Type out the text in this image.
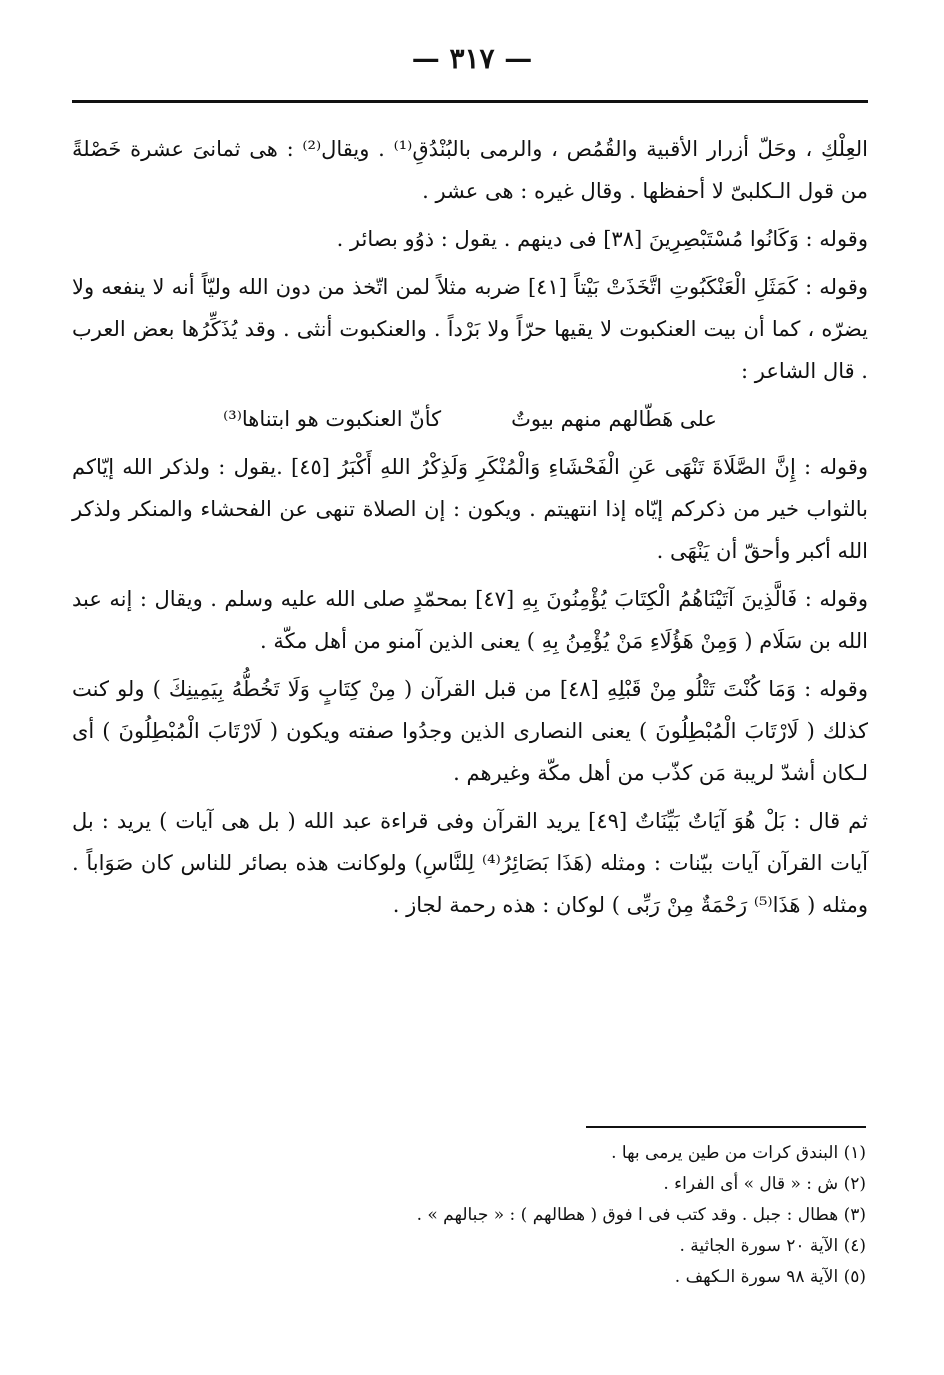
— ٣١٧ —

العِلْكِ ، وحَلّ أزرار الأقبية والقُمُص ، والرمى بالبُنْدُقِ⁽¹⁾ . ويقال⁽²⁾ : هى ثمانىَ عشرة خَصْلةً من قول الـكلبىّ لا أحفظها . وقال غيره : هى عشر .

وقوله : وَكَانُوا مُسْتَبْصِرِينَ [٣٨] فى دينهم . يقول : ذوُو بصائر .

وقوله : كَمَثَلِ الْعَنْكَبُوتِ اتَّخَذَتْ بَيْتاً [٤١] ضربه مثلاً لمن اتّخذ من دون الله وليّاً أنه لا ينفعه ولا يضرّه ، كما أن بيت العنكبوت لا يقيها حرّاً ولا بَرْداً . والعنكبوت أنثى . وقد يُذَكِّرُها بعض العرب . قال الشاعر :

على هَطّالهم منهم بيوتٌ
كأنّ العنكبوت هو ابتناها⁽³⁾

وقوله : إِنَّ الصَّلَاةَ تَنْهَى عَنِ الْفَحْشَاءِ وَالْمُنْكَرِ وَلَذِكْرُ اللهِ أَكْبَرُ [٤٥] .يقول : ولذكر الله إيّاكم بالثواب خير من ذكركم إيّاه إذا انتهيتم . ويكون : إن الصلاة تنهى عن الفحشاء والمنكر ولذكر الله أكبر وأحقّ أن يَنْهَى .

وقوله : فَالَّذِينَ آتَيْنَاهُمُ الْكِتَابَ يُؤْمِنُونَ بِهِ [٤٧] بمحمّدٍ صلى الله عليه وسلم . ويقال : إنه عبد الله بن سَلَام ( وَمِنْ هَؤُلَاءِ مَنْ يُؤْمِنُ بِهِ ) يعنى الذين آمنو من أهل مكّة .

وقوله : وَمَا كُنْتَ تَتْلُو مِنْ قَبْلِهِ [٤٨] من قبل القرآن ( مِنْ كِتَابٍ وَلَا تَخُطُّهُ بِيَمِينِكَ ) ولو كنت كذلك ( لَارْتَابَ الْمُبْطِلُونَ ) يعنى النصارى الذين وجدُوا صفته ويكون ( لَارْتَابَ الْمُبْطِلُونَ ) أى لـكان أشدّ لريبة مَن كذّب من أهل مكّة وغيرهم .

ثم قال : بَلْ هُوَ آيَاتٌ بَيِّنَاتٌ [٤٩] يريد القرآن وفى قراءة عبد الله ( بل هى آيات ) يريد : بل آيات القرآن آيات بيّنات : ومثله (هَذَا بَصَائِرُ⁽⁴⁾ لِلنَّاسِ) ولوكانت هذه بصائر للناس كان صَوَاباً . ومثله ( هَذَا⁽⁵⁾ رَحْمَةٌ مِنْ رَبِّى ) لوكان : هذه رحمة لجاز .

(١) البندق كرات من طين يرمى بها .

(٢) ش : « قال » أى الفراء .

(٣) هطال : جبل . وقد كتب فى ا فوق ( هطالهم ) : « جبالهم » .

(٤) الآية ٢٠ سورة الجاثية .

(٥) الآية ٩٨ سورة الـكهف .
